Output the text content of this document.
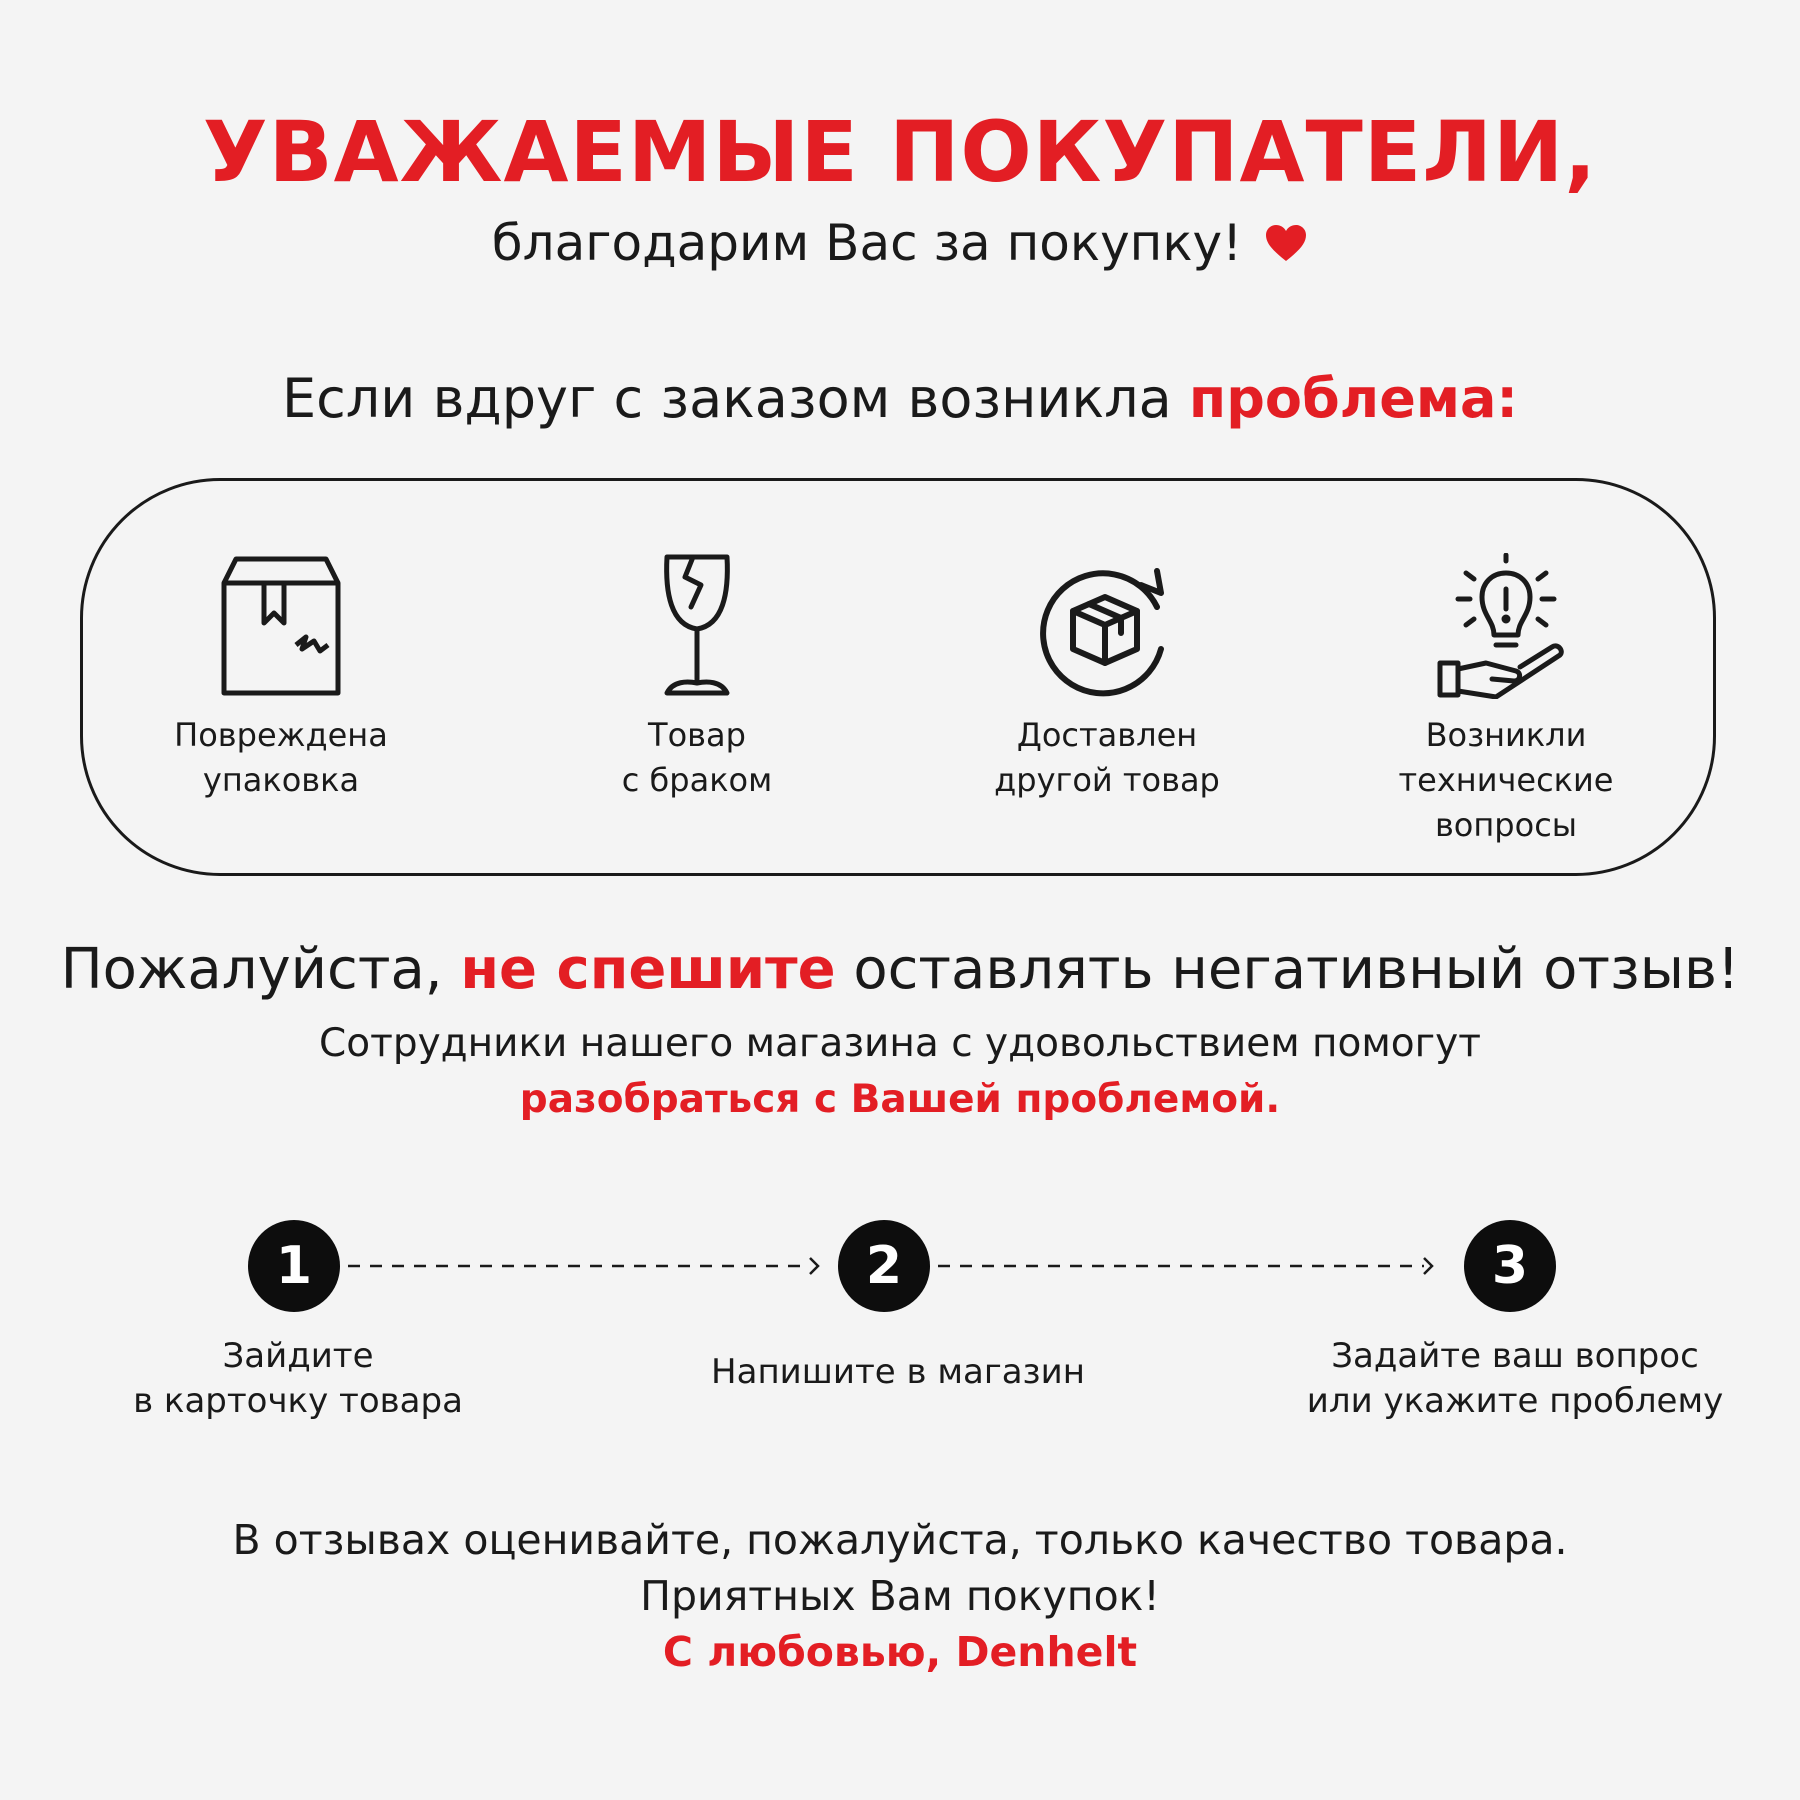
УВАЖАЕМЫЕ ПОКУПАТЕЛИ,
благодарим Вас за покупку!
Если вдруг с заказом возникла проблема:
Повреждена
упаковка
Товар
с браком
Доставлен
другой товар
Возникли
технические
вопросы
Пожалуйста, не спешите оставлять негативный отзыв!
Сотрудники нашего магазина с удовольствием помогут
разобраться с Вашей проблемой.
1	2	3
Зайдите
в карточку товара
Напишите в магазин	Задайте ваш вопрос
или укажите проблему
В отзывах оценивайте, пожалуйста, только качество товара.
Приятных Вам покупок!
С любовью, Denhelt
